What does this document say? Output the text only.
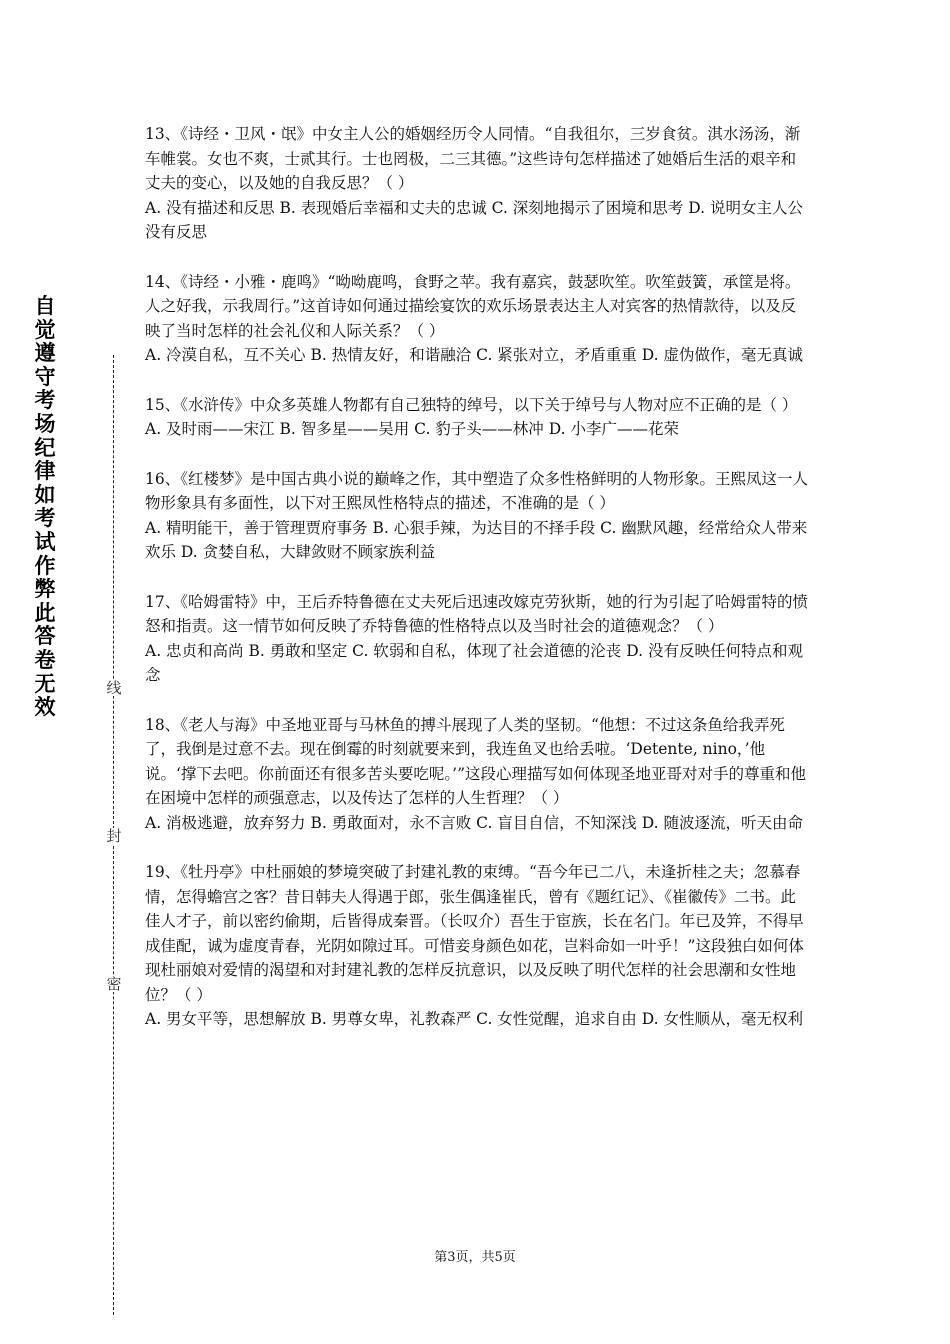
自
觉
遵
守
考
场
纪
律
如
考
试
作
弊
此
答
卷
无
效
线
封
密

13、《诗经・卫风・氓》中女主人公的婚姻经历令人同情。“自我徂尔，三岁食贫。淇水汤汤，渐车帷裳。女也不爽，士贰其行。士也罔极，二三其德。”这些诗句怎样描述了她婚后生活的艰辛和丈夫的变心，以及她的自我反思？（ ）

A. 没有描述和反思 B. 表现婚后幸福和丈夫的忠诚 C. 深刻地揭示了困境和思考 D. 说明女主人公没有反思

14、《诗经・小雅・鹿鸣》“呦呦鹿鸣，食野之苹。我有嘉宾，鼓瑟吹笙。吹笙鼓簧，承筐是将。人之好我，示我周行。”这首诗如何通过描绘宴饮的欢乐场景表达主人对宾客的热情款待，以及反映了当时怎样的社会礼仪和人际关系？（ ）

A. 冷漠自私，互不关心 B. 热情友好，和谐融洽 C. 紧张对立，矛盾重重 D. 虚伪做作，毫无真诚

15、《水浒传》中众多英雄人物都有自己独特的绰号，以下关于绰号与人物对应不正确的是（ ）

A. 及时雨——宋江 B. 智多星——吴用 C. 豹子头——林冲 D. 小李广——花荣

16、《红楼梦》是中国古典小说的巅峰之作，其中塑造了众多性格鲜明的人物形象。王熙凤这一人物形象具有多面性，以下对王熙凤性格特点的描述，不准确的是（ ）

A. 精明能干，善于管理贾府事务 B. 心狠手辣，为达目的不择手段 C. 幽默风趣，经常给众人带来欢乐 D. 贪婪自私，大肆敛财不顾家族利益

17、《哈姆雷特》中，王后乔特鲁德在丈夫死后迅速改嫁克劳狄斯，她的行为引起了哈姆雷特的愤怒和指责。这一情节如何反映了乔特鲁德的性格特点以及当时社会的道德观念？（ ）

A. 忠贞和高尚 B. 勇敢和坚定 C. 软弱和自私，体现了社会道德的沦丧 D. 没有反映任何特点和观念

18、《老人与海》中圣地亚哥与马林鱼的搏斗展现了人类的坚韧。“他想：不过这条鱼给我弄死了，我倒是过意不去。现在倒霉的时刻就要来到，我连鱼叉也给丢啦。‘Detente, nino，’他说。‘撑下去吧。你前面还有很多苦头要吃呢。’”这段心理描写如何体现圣地亚哥对对手的尊重和他在困境中怎样的顽强意志，以及传达了怎样的人生哲理？（ ）

A. 消极逃避，放弃努力 B. 勇敢面对，永不言败 C. 盲目自信，不知深浅 D. 随波逐流，听天由命

19、《牡丹亭》中杜丽娘的梦境突破了封建礼教的束缚。“吾今年已二八，未逢折桂之夫；忽慕春情，怎得蟾宫之客？昔日韩夫人得遇于郎，张生偶逢崔氏，曾有《题红记》、《崔徽传》二书。此佳人才子，前以密约偷期，后皆得成秦晋。（长叹介）吾生于宦族，长在名门。年已及笄，不得早成佳配，诚为虚度青春，光阴如隙过耳。可惜妾身颜色如花，岂料命如一叶乎！”这段独白如何体现杜丽娘对爱情的渴望和对封建礼教的怎样反抗意识，以及反映了明代怎样的社会思潮和女性地位？（ ）

A. 男女平等，思想解放 B. 男尊女卑，礼教森严 C. 女性觉醒，追求自由 D. 女性顺从，毫无权利

第3页，共5页
